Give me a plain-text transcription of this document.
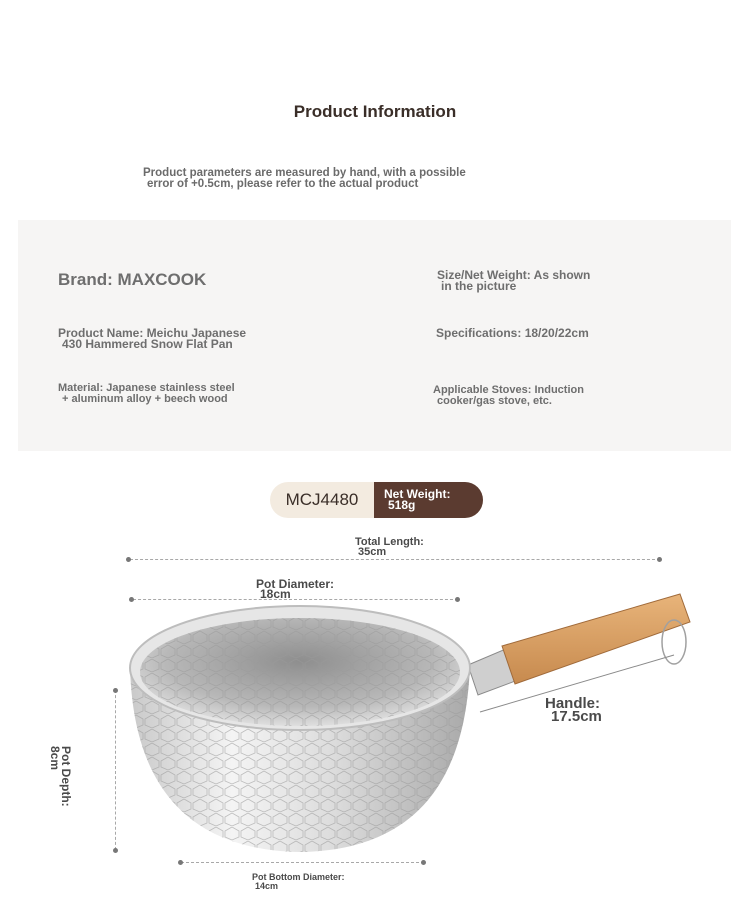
Product Information
Product parameters are measured by hand, with a possible
error of +0.5cm, please refer to the actual product
Brand: MAXCOOK
Product Name: Meichu Japanese
430 Hammered Snow Flat Pan
Material: Japanese stainless steel
+ aluminum alloy + beech wood
Size/Net Weight: As shown
in the picture
Specifications: 18/20/22cm
Applicable Stoves: Induction
cooker/gas stove, etc.
MCJ4480	Net Weight:
518g
Total Length:
35cm
Pot Diameter:
18cm
Pot Bottom Diameter:
14cm
Pot Depth:
8cm
Handle:
17.5cm
